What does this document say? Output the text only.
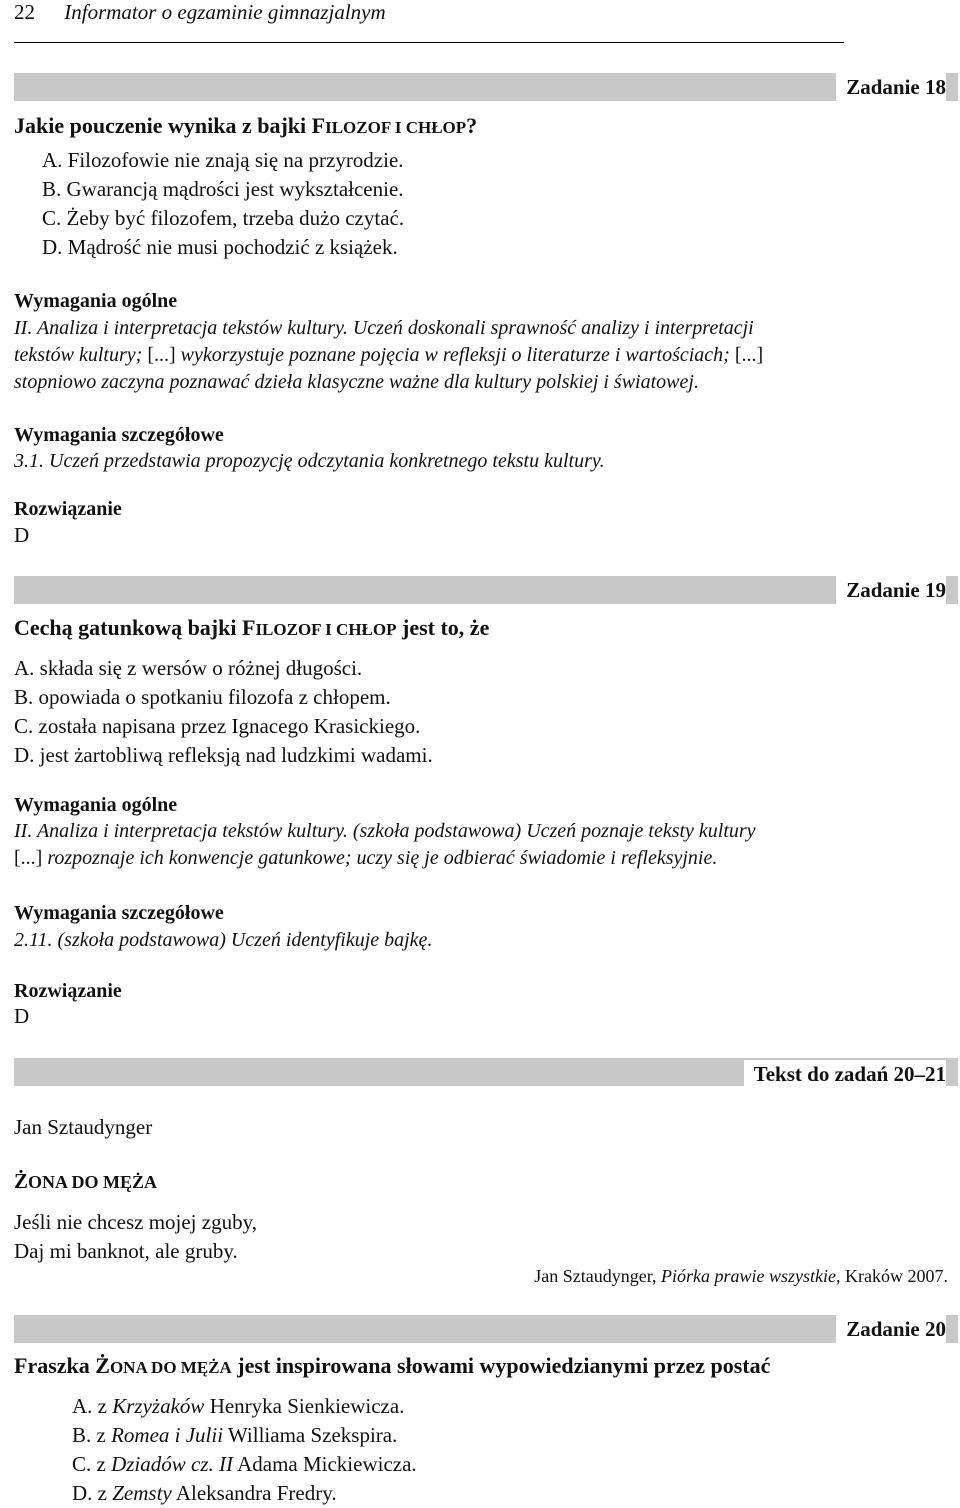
22 Informator o egzaminie gimnazjalnym
Zadanie 18
Jakie pouczenie wynika z bajki FILOZOF I CHŁOP?
A. Filozofowie nie znają się na przyrodzie.
B. Gwarancją mądrości jest wykształcenie.
C. Żeby być filozofem, trzeba dużo czytać.
D. Mądrość nie musi pochodzić z książek.
Wymagania ogólne
II. Analiza i interpretacja tekstów kultury. Uczeń doskonali sprawność analizy i interpretacji
tekstów kultury; [...] wykorzystuje poznane pojęcia w refleksji o literaturze i wartościach; [...]
stopniowo zaczyna poznawać dzieła klasyczne ważne dla kultury polskiej i światowej.
Wymagania szczegółowe
3.1. Uczeń przedstawia propozycję odczytania konkretnego tekstu kultury.
Rozwiązanie
D
Zadanie 19
Cechą gatunkową bajki FILOZOF I CHŁOP jest to, że
A. składa się z wersów o różnej długości.
B. opowiada o spotkaniu filozofa z chłopem.
C. została napisana przez Ignacego Krasickiego.
D. jest żartobliwą refleksją nad ludzkimi wadami.
Wymagania ogólne
II. Analiza i interpretacja tekstów kultury. (szkoła podstawowa) Uczeń poznaje teksty kultury
[...] rozpoznaje ich konwencje gatunkowe; uczy się je odbierać świadomie i refleksyjnie.
Wymagania szczegółowe
2.11. (szkoła podstawowa) Uczeń identyfikuje bajkę.
Rozwiązanie
D
Tekst do zadań 20–21
Jan Sztaudynger
ŻONA DO MĘŻA
Jeśli nie chcesz mojej zguby,
Daj mi banknot, ale gruby.
Jan Sztaudynger, Piórka prawie wszystkie, Kraków 2007.
Zadanie 20
Fraszka ŻONA DO MĘŻA jest inspirowana słowami wypowiedzianymi przez postać
A. z Krzyżaków Henryka Sienkiewicza.
B. z Romea i Julii Williama Szekspira.
C. z Dziadów cz. II Adama Mickiewicza.
D. z Zemsty Aleksandra Fredry.
